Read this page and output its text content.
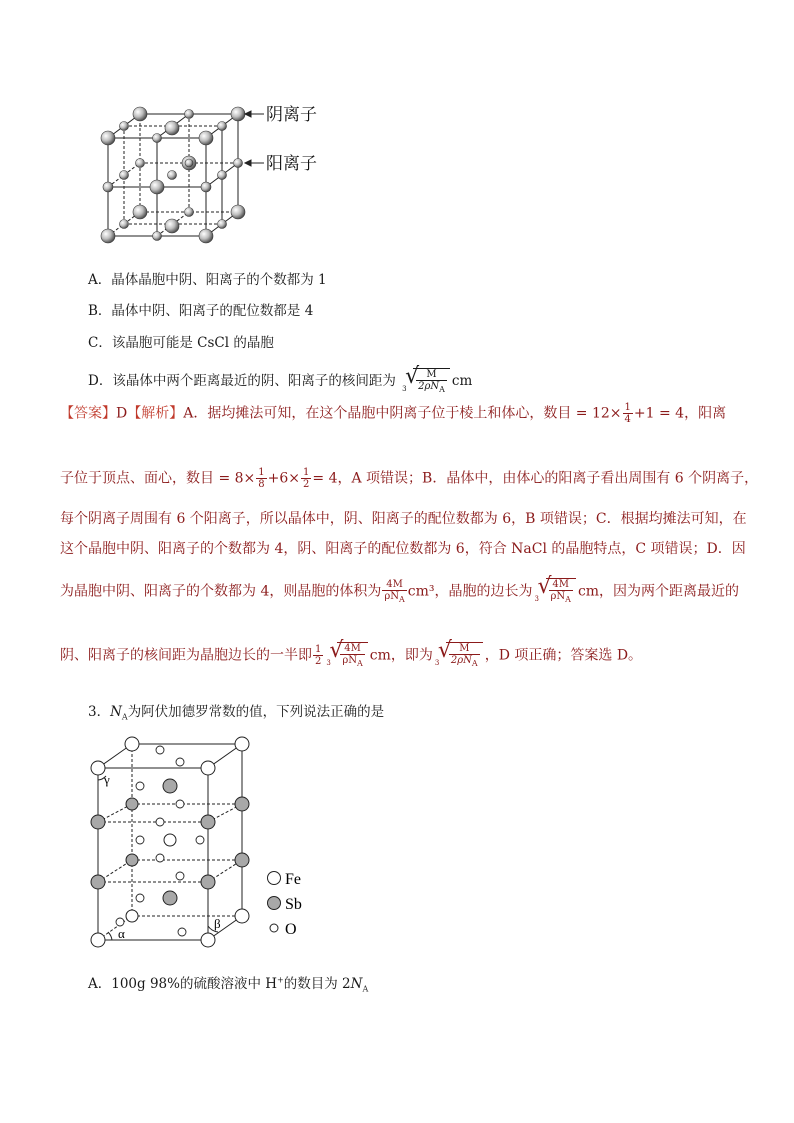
阴离子
阳离子
A．晶体晶胞中阴、阳离子的个数都为 1
B．晶体中阴、阳离子的配位数都是 4
C．该晶胞可能是 CsCl 的晶胞
D．该晶体中两个距离最近的阴、阳离子的核间距为 3
√
$\frac{M}{2\rho N_A}$ cm
【答案】D【解析】A．据均摊法可知，在这个晶胞中阴离子位于棱上和体心，数目 = $12\times \frac{1}{4} +1 = 4$，阳离
子位于顶点、面心，数目 = $8\times \frac{1}{8} +6\times \frac{1}{2} = 4$，A 项错误；B．晶体中，由体心的阳离子看出周围有 6 个阴离子，
每个阴离子周围有 6 个阳离子，所以晶体中，阴、阳离子的配位数都为 6，B 项错误；C．根据均摊法可知，在
这个晶胞中阴、阳离子的个数都为 4，阴、阳离子的配位数都为 6，符合 NaCl 的晶胞特点，C 项错误；D．因
为晶胞中阴、阳离子的个数都为 4，则晶胞的体积为 $\frac{4M}{\rho N_A} cm^3$，晶胞的边长为 3
√
$\frac{4M}{\rho N_A}$ cm，因为两个距离最近的
阴、阳离子的核间距为晶胞边长的一半即 $\frac{1}{2} 3$
√
$\frac{4M}{\rho N_A}$ cm，即为 3
√
$\frac{M}{2\rho N_A}$ ，D 项正确；答案选 D。
3．$N_A$为阿伏加德罗常数的值，下列说法正确的是
γ
α
β
Fe
Sb
O
A．100g 98%的硫酸溶液中 H+的数目为 $2N_A$
